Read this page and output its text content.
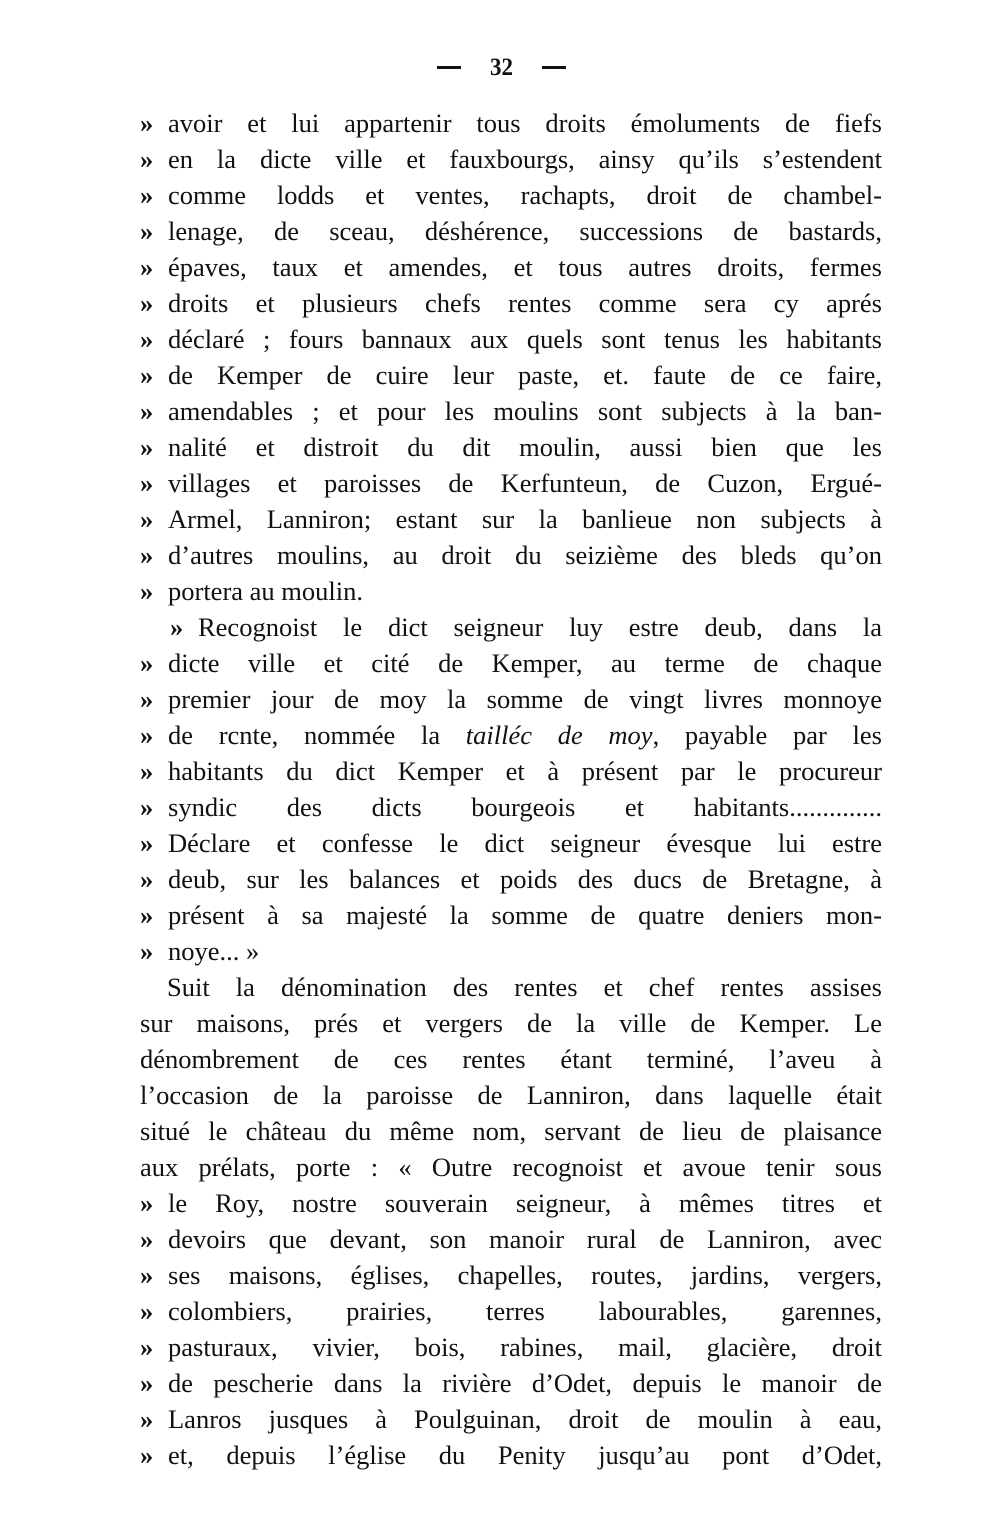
32
» avoir et lui appartenir tous droits émoluments de fiefs
» en la dicte ville et fauxbourgs, ainsy qu’ils s’estendent
» comme lodds et ventes, rachapts, droit de chambel-
» lenage, de sceau, déshérence, successions de bastards,
» épaves, taux et amendes, et tous autres droits, fermes
» droits et plusieurs chefs rentes comme sera cy aprés
» déclaré ; fours bannaux aux quels sont tenus les habitants
» de Kemper de cuire leur paste, et. faute de ce faire,
» amendables ; et pour les moulins sont subjects à la ban-
» nalité et distroit du dit moulin, aussi bien que les
» villages et paroisses de Kerfunteun, de Cuzon, Ergué-
» Armel, Lanniron; estant sur la banlieue non subjects à
» d’autres moulins, au droit du seizième des bleds qu’on
» portera au moulin.
» Recognoist le dict seigneur luy estre deub, dans la
» dicte ville et cité de Kemper, au terme de chaque
» premier jour de moy la somme de vingt livres monnoye
» de rcnte, nommée la tailléc de moy, payable par les
» habitants du dict Kemper et à présent par le procureur
» syndic des dicts bourgeois et habitants..............
» Déclare et confesse le dict seigneur évesque lui estre
» deub, sur les balances et poids des ducs de Bretagne, à
» présent à sa majesté la somme de quatre deniers mon-
» noye... »
Suit la dénomination des rentes et chef rentes assises
sur maisons, prés et vergers de la ville de Kemper. Le
dénombrement de ces rentes étant terminé, l’aveu à
l’occasion de la paroisse de Lanniron, dans laquelle était
situé le château du même nom, servant de lieu de plaisance
aux prélats, porte : « Outre recognoist et avoue tenir sous
» le Roy, nostre souverain seigneur, à mêmes titres et
» devoirs que devant, son manoir rural de Lanniron, avec
» ses maisons, églises, chapelles, routes, jardins, vergers,
» colombiers, prairies, terres labourables, garennes,
» pasturaux, vivier, bois, rabines, mail, glacière, droit
» de pescherie dans la rivière d’Odet, depuis le manoir de
» Lanros jusques à Poulguinan, droit de moulin à eau,
» et, depuis l’église du Penity jusqu’au pont d’Odet,
